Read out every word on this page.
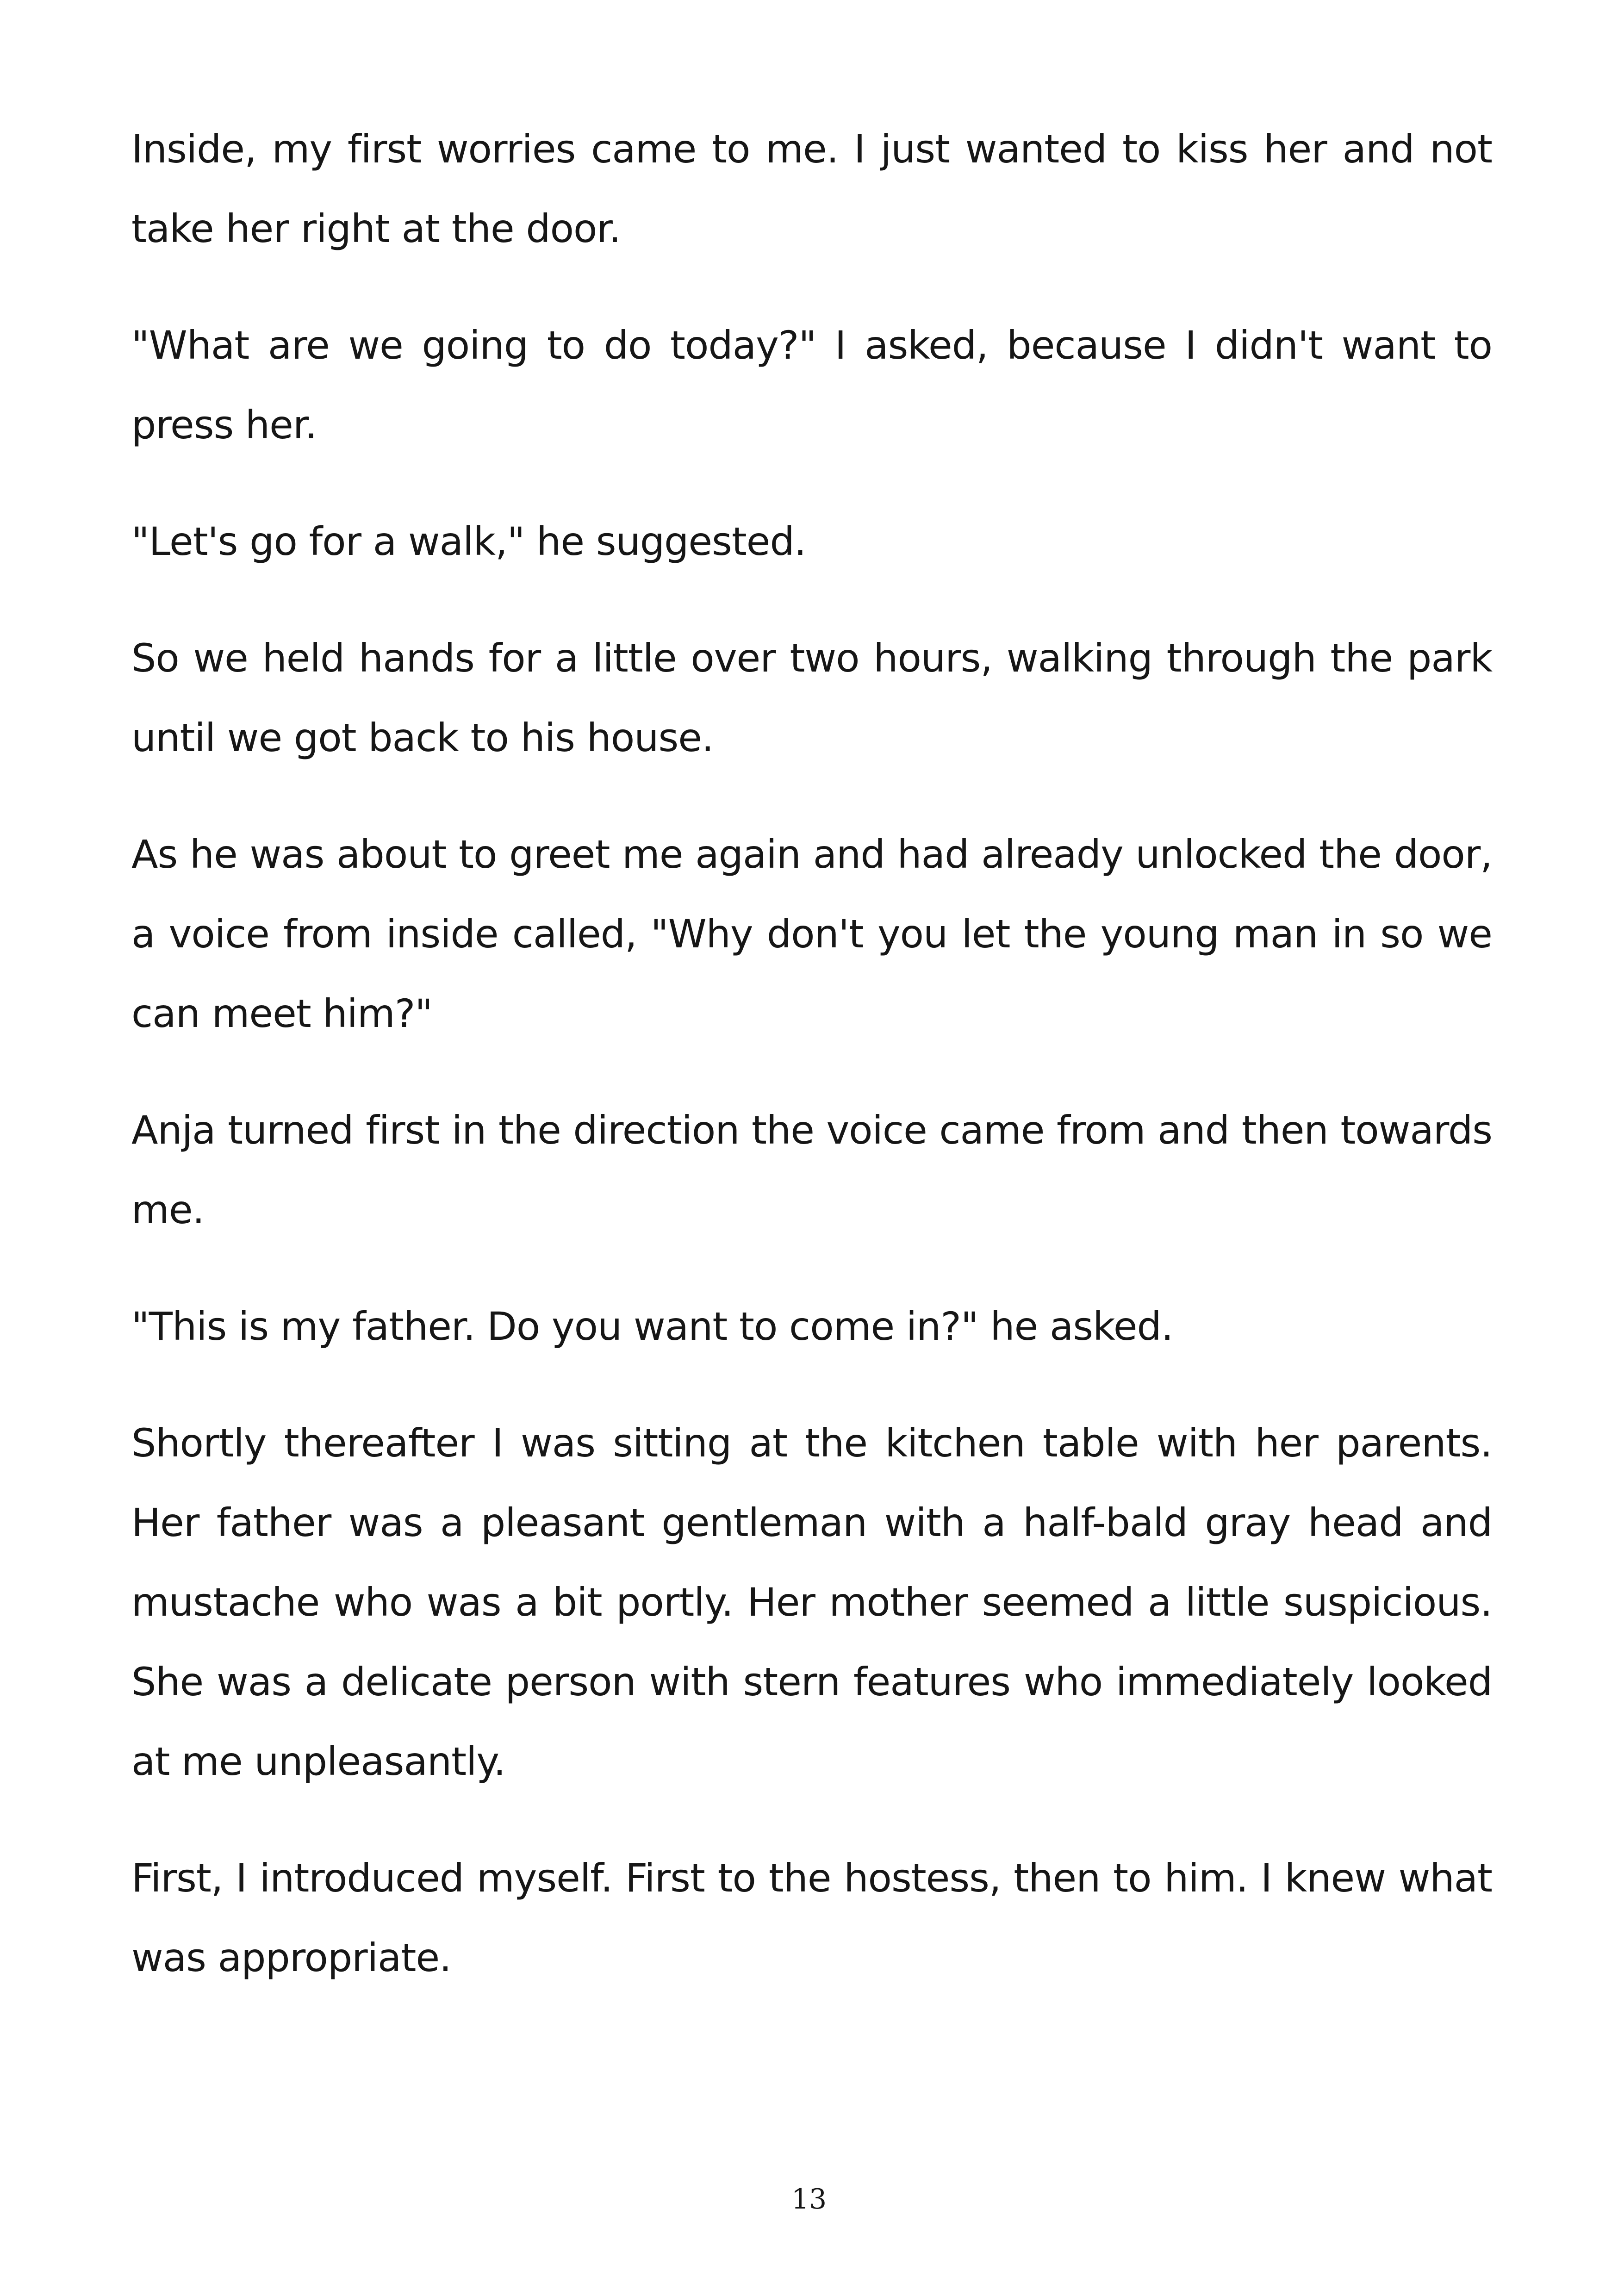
Inside, my first worries came to me. I just wanted to kiss her and not take her right at the door.

"What are we going to do today?" I asked, because I didn't want to press her.

"Let's go for a walk," he suggested.

So we held hands for a little over two hours, walking through the park until we got back to his house.

As he was about to greet me again and had already unlocked the door, a voice from inside called, "Why don't you let the young man in so we can meet him?"

Anja turned first in the direction the voice came from and then towards me.

"This is my father. Do you want to come in?" he asked.

Shortly thereafter I was sitting at the kitchen table with her parents. Her father was a pleasant gentleman with a half-bald gray head and mustache who was a bit portly. Her mother seemed a little suspicious. She was a delicate person with stern features who immediately looked at me unpleasantly.

First, I introduced myself. First to the hostess, then to him. I knew what was appropriate.

13
